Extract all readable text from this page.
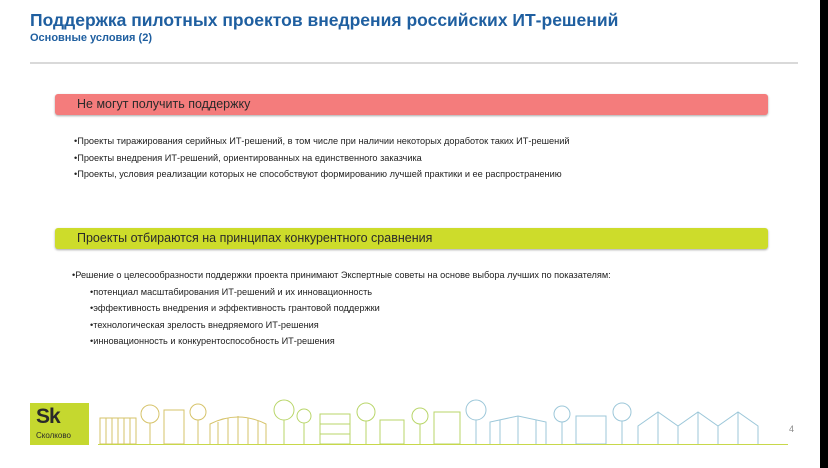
Поддержка пилотных проектов внедрения российских ИТ-решений
Основные условия (2)
Не могут получить поддержку
•Проекты тиражирования серийных ИТ-решений, в том числе при наличии некоторых доработок таких ИТ-решений
•Проекты внедрения ИТ-решений, ориентированных на единственного заказчика
•Проекты, условия реализации которых не способствуют формированию лучшей практики и ее распространению
Проекты отбираются на принципах конкурентного сравнения
•Решение о целесообразности поддержки проекта принимают Экспертные советы на основе выбора лучших по показателям:
•потенциал масштабирования ИТ-решений и их инновационность
•эффективность внедрения и эффективность грантовой поддержки
•технологическая зрелость внедряемого ИТ-решения
•инновационность и конкурентоспособность ИТ-решения
Sk
Сколково
4
